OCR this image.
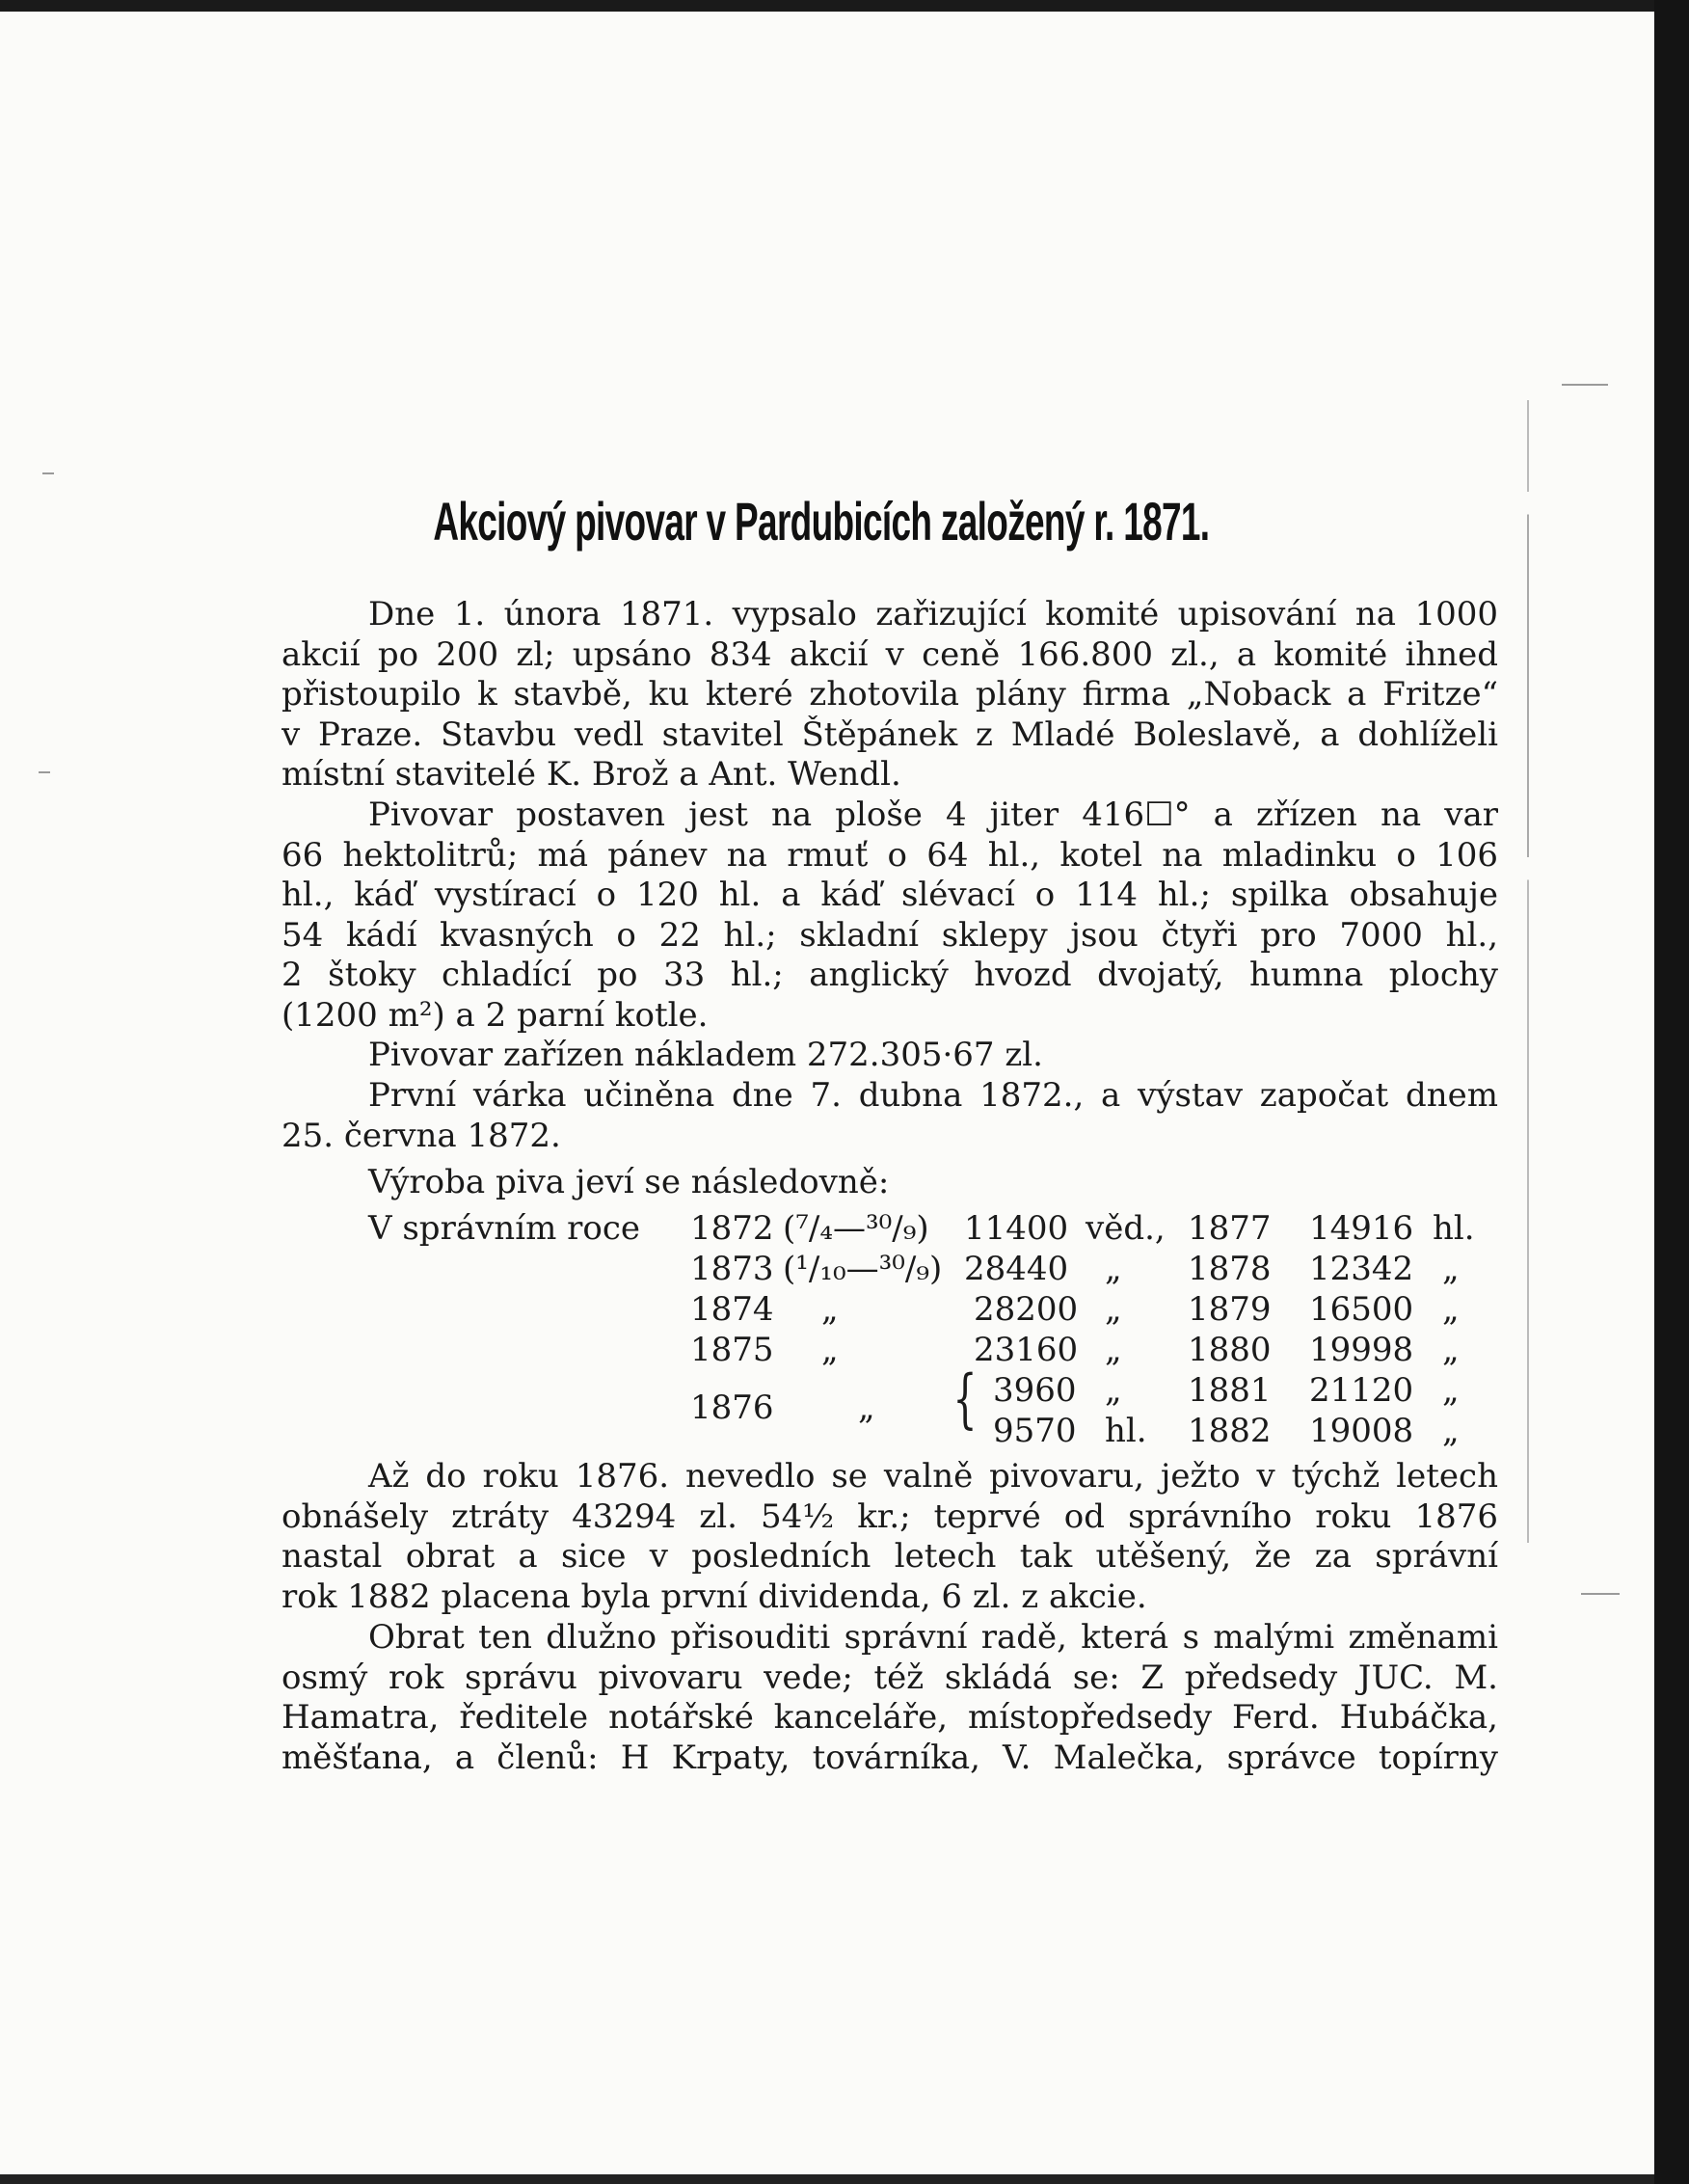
Akciový pivovar v Pardubicích založený r. 1871.
Dne 1. února 1871. vypsalo zařizující komité upisování na 1000
akcií po 200 zl; upsáno 834 akcií v ceně 166.800 zl., a komité ihned
přistoupilo k stavbě, ku které zhotovila plány firma „Noback a Fritze“
v Praze. Stavbu vedl stavitel Štěpánek z Mladé Boleslavě, a dohlíželi
místní stavitelé K. Brož a Ant. Wendl.
Pivovar postaven jest na ploše 4 jiter 416☐° a zřízen na var
66 hektolitrů; má pánev na rmuť o 64 hl., kotel na mladinku o 106
hl., káď vystírací o 120 hl. a káď slévací o 114 hl.; spilka obsahuje
54 kádí kvasných o 22 hl.; skladní sklepy jsou čtyři pro 7000 hl.,
2 štoky chladící po 33 hl.; anglický hvozd dvojatý, humna plochy
(1200 m²) a 2 parní kotle.
Pivovar zařízen nákladem 272.305·67 zl.
První várka učiněna dne 7. dubna 1872., a výstav započat dnem
25. června 1872.
Výroba piva jeví se následovně:
V správním roce	1872 (⁷/₄—³⁰/₉) 11400 věd., 1877 14916 hl.
1873 (¹/₁₀—³⁰/₉) 28440 „ 1878 12342 „
1874 „	28200 „ 1879 16500 „
1875 „	23160 „ 1880 19998 „
1876	„ { 3960 „ 1881 21120 „
9570 hl. 1882 19008 „
Až do roku 1876. nevedlo se valně pivovaru, ježto v týchž letech
obnášely ztráty 43294 zl. 54½ kr.; teprvé od správního roku 1876
nastal obrat a sice v posledních letech tak utěšený, že za správní
rok 1882 placena byla první dividenda, 6 zl. z akcie.
Obrat ten dlužno přisouditi správní radě, která s malými změnami
osmý rok správu pivovaru vede; též skládá se: Z předsedy JUC. M.
Hamatra, ředitele notářské kanceláře, místopředsedy Ferd. Hubáčka,
měšťana, a členů: H Krpaty, továrníka, V. Malečka, správce topírny
